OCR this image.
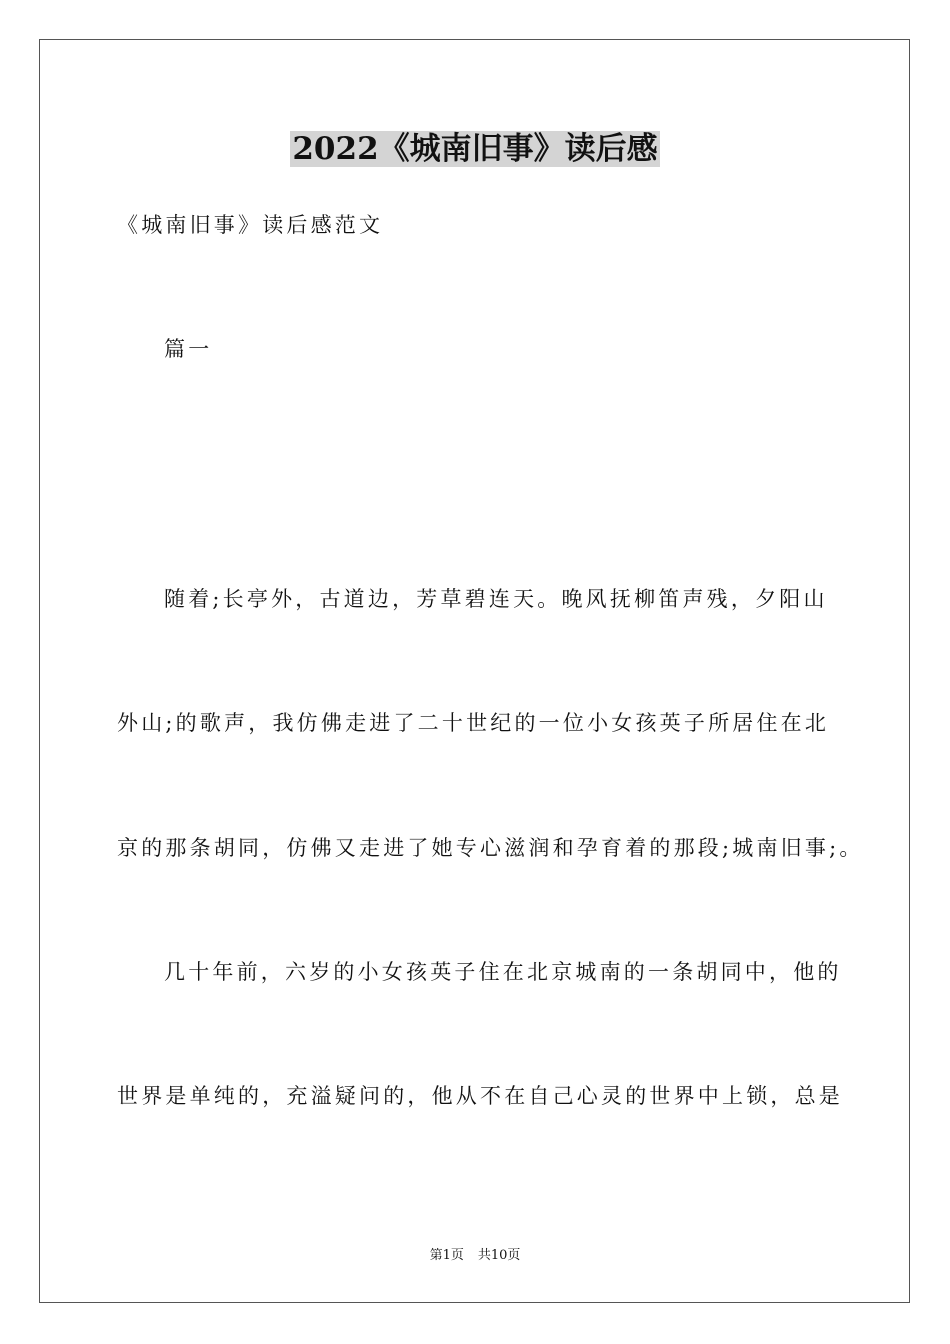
2022《城南旧事》读后感
《城南旧事》读后感范文
篇一
随着;长亭外，古道边，芳草碧连天。晚风抚柳笛声残，夕阳山
外山;的歌声，我仿佛走进了二十世纪的一位小女孩英子所居住在北
京的那条胡同，仿佛又走进了她专心滋润和孕育着的那段;城南旧事;。
几十年前，六岁的小女孩英子住在北京城南的一条胡同中，他的
世界是单纯的，充溢疑问的，他从不在自己心灵的世界中上锁，总是
第1页 共10页
